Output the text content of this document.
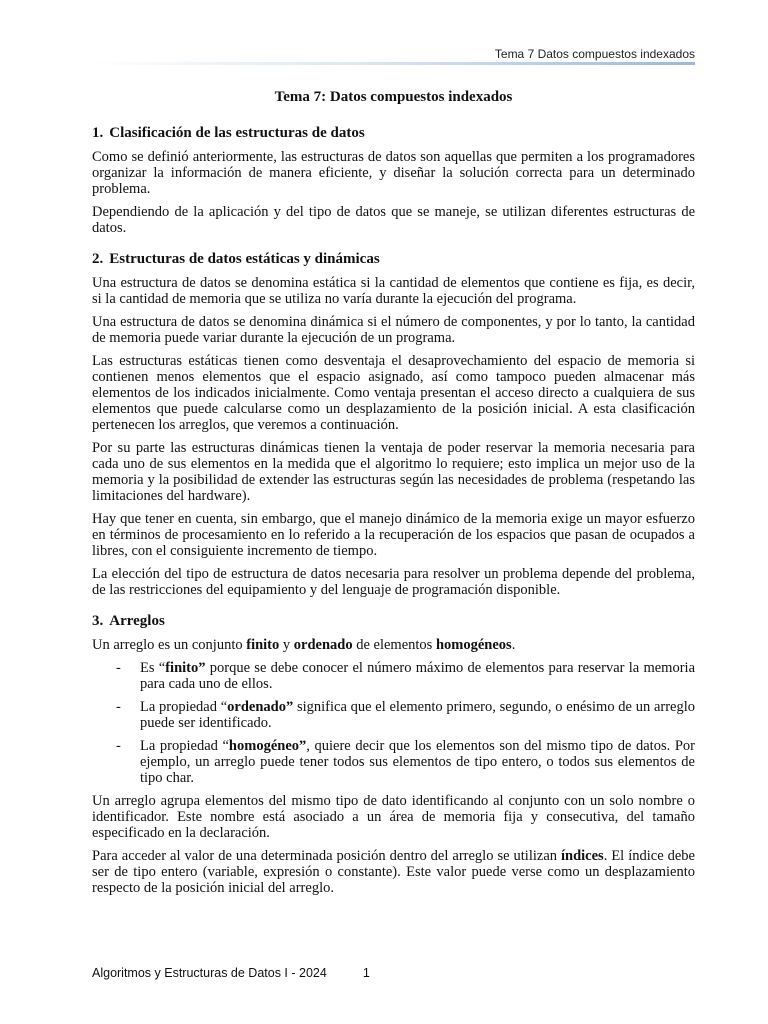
Tema 7 Datos compuestos indexados
Tema 7: Datos compuestos indexados
1. Clasificación de las estructuras de datos

Como se definió anteriormente, las estructuras de datos son aquellas que permiten a los programadores organizar la información de manera eficiente, y diseñar la solución correcta para un determinado problema.

Dependiendo de la aplicación y del tipo de datos que se maneje, se utilizan diferentes estructuras de datos.

2. Estructuras de datos estáticas y dinámicas

Una estructura de datos se denomina estática si la cantidad de elementos que contiene es fija, es decir, si la cantidad de memoria que se utiliza no varía durante la ejecución del programa.

Una estructura de datos se denomina dinámica si el número de componentes, y por lo tanto, la cantidad de memoria puede variar durante la ejecución de un programa.

Las estructuras estáticas tienen como desventaja el desaprovechamiento del espacio de memoria si contienen menos elementos que el espacio asignado, así como tampoco pueden almacenar más elementos de los indicados inicialmente. Como ventaja presentan el acceso directo a cualquiera de sus elementos que puede calcularse como un desplazamiento de la posición inicial. A esta clasificación pertenecen los arreglos, que veremos a continuación.

Por su parte las estructuras dinámicas tienen la ventaja de poder reservar la memoria necesaria para cada uno de sus elementos en la medida que el algoritmo lo requiere; esto implica un mejor uso de la memoria y la posibilidad de extender las estructuras según las necesidades de problema (respetando las limitaciones del hardware).

Hay que tener en cuenta, sin embargo, que el manejo dinámico de la memoria exige un mayor esfuerzo en términos de procesamiento en lo referido a la recuperación de los espacios que pasan de ocupados a libres, con el consiguiente incremento de tiempo.

La elección del tipo de estructura de datos necesaria para resolver un problema depende del problema, de las restricciones del equipamiento y del lenguaje de programación disponible.

3. Arreglos

Un arreglo es un conjunto finito y ordenado de elementos homogéneos.

- Es “finito” porque se debe conocer el número máximo de elementos para reservar la memoria para cada uno de ellos.
- La propiedad “ordenado” significa que el elemento primero, segundo, o enésimo de un arreglo puede ser identificado.
- La propiedad “homogéneo”, quiere decir que los elementos son del mismo tipo de datos. Por ejemplo, un arreglo puede tener todos sus elementos de tipo entero, o todos sus elementos de tipo char.

Un arreglo agrupa elementos del mismo tipo de dato identificando al conjunto con un solo nombre o identificador. Este nombre está asociado a un área de memoria fija y consecutiva, del tamaño especificado en la declaración.

Para acceder al valor de una determinada posición dentro del arreglo se utilizan índices. El índice debe ser de tipo entero (variable, expresión o constante). Este valor puede verse como un desplazamiento respecto de la posición inicial del arreglo.

Algoritmos y Estructuras de Datos I - 2024	1
